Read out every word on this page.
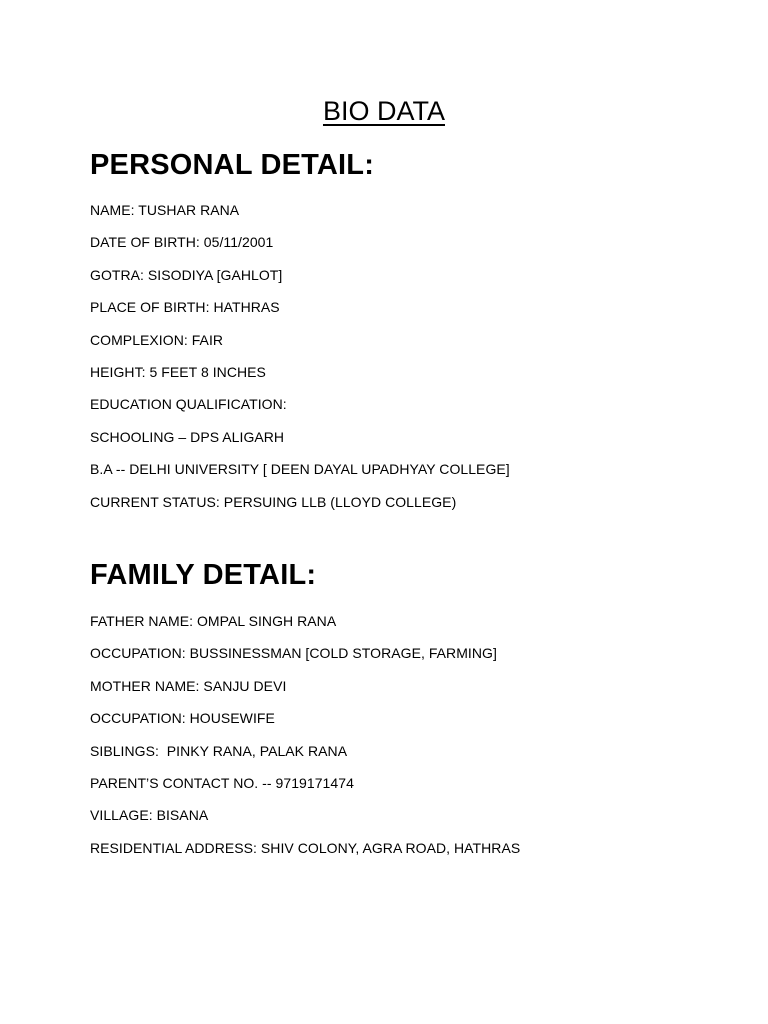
BIO DATA
PERSONAL DETAIL:
NAME: TUSHAR RANA
DATE OF BIRTH: 05/11/2001
GOTRA: SISODIYA [GAHLOT]
PLACE OF BIRTH: HATHRAS
COMPLEXION: FAIR
HEIGHT: 5 FEET 8 INCHES
EDUCATION QUALIFICATION:
SCHOOLING – DPS ALIGARH
B.A -- DELHI UNIVERSITY [ DEEN DAYAL UPADHYAY COLLEGE]
CURRENT STATUS: PERSUING LLB (LLOYD COLLEGE)
FAMILY DETAIL:
FATHER NAME: OMPAL SINGH RANA
OCCUPATION: BUSSINESSMAN [COLD STORAGE, FARMING]
MOTHER NAME: SANJU DEVI
OCCUPATION: HOUSEWIFE
SIBLINGS:  PINKY RANA, PALAK RANA
PARENT’S CONTACT NO. -- 9719171474
VILLAGE: BISANA
RESIDENTIAL ADDRESS: SHIV COLONY, AGRA ROAD, HATHRAS
